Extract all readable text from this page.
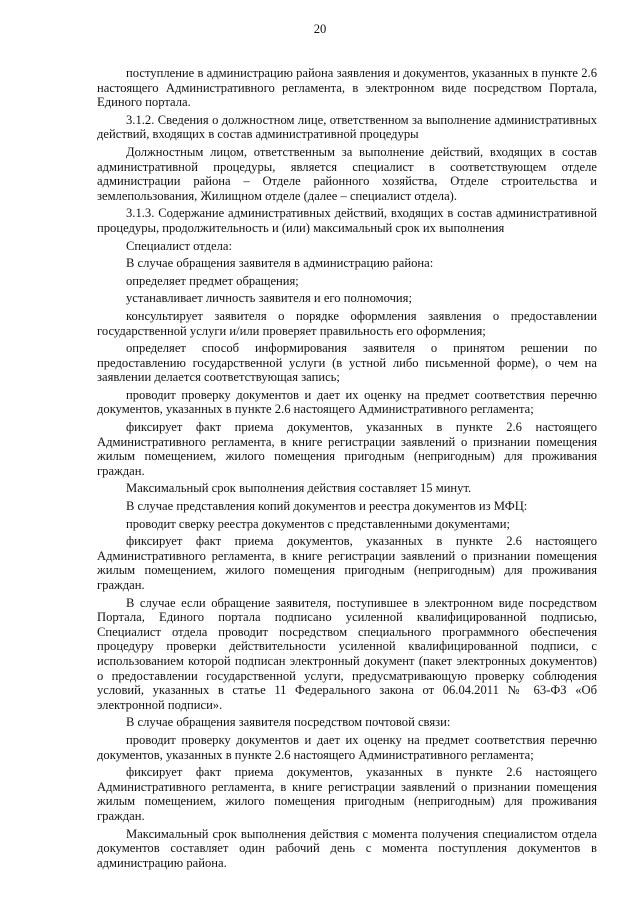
20

поступление в администрацию района заявления и документов, указанных в пункте 2.6 настоящего Административного регламента, в электронном виде посредством Портала, Единого портала.

3.1.2. Сведения о должностном лице, ответственном за выполнение административных действий, входящих в состав административной процедуры

Должностным лицом, ответственным за выполнение действий, входящих в состав административной процедуры, является специалист в соответствующем отделе администрации района – Отделе районного хозяйства, Отделе строительства и землепользования, Жилищном отделе (далее – специалист отдела).

3.1.3. Содержание административных действий, входящих в состав административной процедуры, продолжительность и (или) максимальный срок их выполнения

Специалист отдела:

В случае обращения заявителя в администрацию района:

определяет предмет обращения;

устанавливает личность заявителя и его полномочия;

консультирует заявителя о порядке оформления заявления о предоставлении государственной услуги и/или проверяет правильность его оформления;

определяет способ информирования заявителя о принятом решении по предоставлению государственной услуги (в устной либо письменной форме), о чем на заявлении делается соответствующая запись;

проводит проверку документов и дает их оценку на предмет соответствия перечню документов, указанных в пункте 2.6 настоящего Административного регламента;

фиксирует факт приема документов, указанных в пункте 2.6 настоящего Административного регламента, в книге регистрации заявлений о признании помещения жилым помещением, жилого помещения пригодным (непригодным) для проживания граждан.

Максимальный срок выполнения действия составляет 15 минут.

В случае представления копий документов и реестра документов из МФЦ:

проводит сверку реестра документов с представленными документами;

фиксирует факт приема документов, указанных в пункте 2.6 настоящего Административного регламента, в книге регистрации заявлений о признании помещения жилым помещением, жилого помещения пригодным (непригодным) для проживания граждан.

В случае если обращение заявителя, поступившее в электронном виде посредством Портала, Единого портала подписано усиленной квалифицированной подписью, Специалист отдела проводит посредством специального программного обеспечения процедуру проверки действительности усиленной квалифицированной подписи, с использованием которой подписан электронный документ (пакет электронных документов) о предоставлении государственной услуги, предусматривающую проверку соблюдения условий, указанных в статье 11 Федерального закона от 06.04.2011 № 63-ФЗ «Об электронной подписи».

В случае обращения заявителя посредством почтовой связи:

проводит проверку документов и дает их оценку на предмет соответствия перечню документов, указанных в пункте 2.6 настоящего Административного регламента;

фиксирует факт приема документов, указанных в пункте 2.6 настоящего Административного регламента, в книге регистрации заявлений о признании помещения жилым помещением, жилого помещения пригодным (непригодным) для проживания граждан.

Максимальный срок выполнения действия с момента получения специалистом отдела документов составляет один рабочий день с момента поступления документов в администрацию района.
